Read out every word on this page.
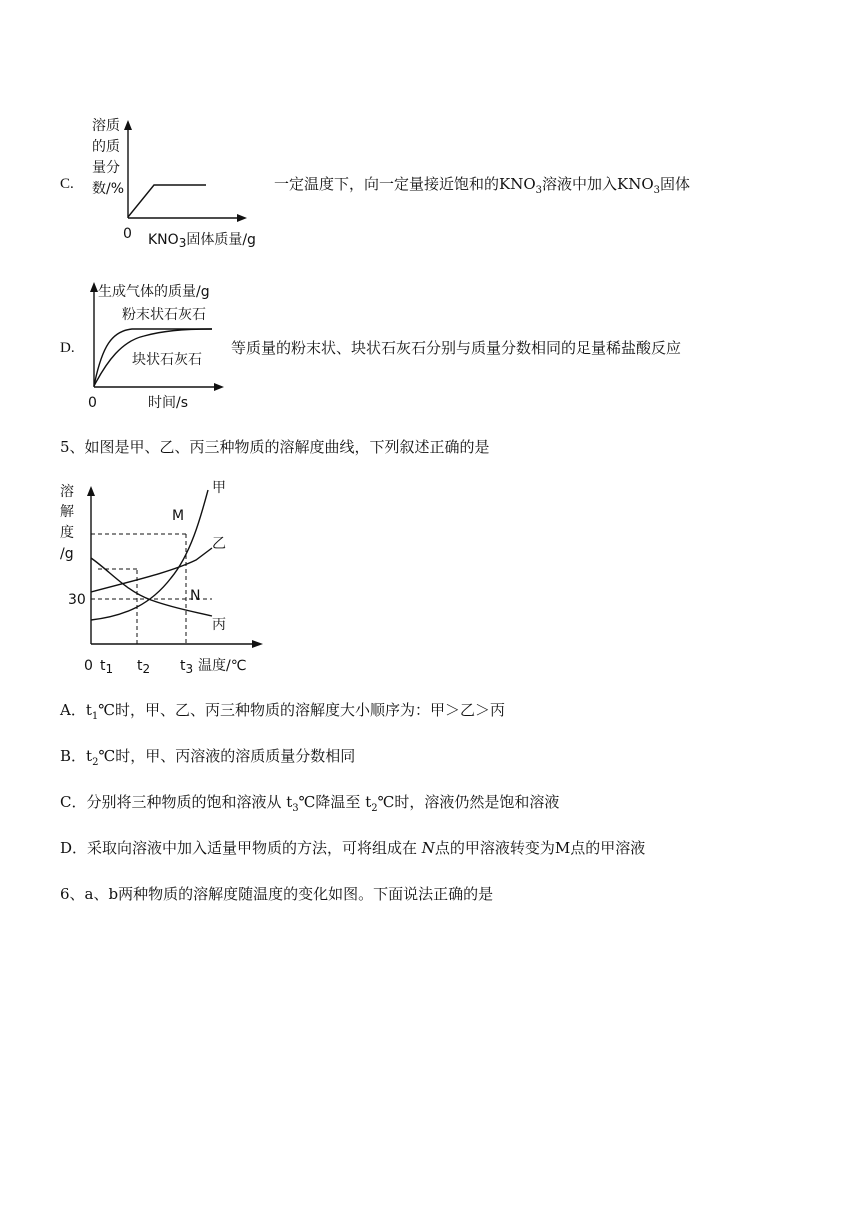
C.
溶质
的质
量分
数/%
0 KNO3固体质量/g
一定温度下，向一定量接近饱和的$KNO_3$溶液中加入$KNO_3$固体
D.
生成气体的质量/g
粉末状石灰石
块状石灰石
0	时间/s
等质量的粉末状、块状石灰石分别与质量分数相同的足量稀盐酸反应
5、如图是甲、乙、丙三种物质的溶解度曲线，下列叙述正确的是
溶
解
度
/g
甲
乙
丙
M
N
30
0 t1 t2 t3 温度/℃
A．$t_1℃$时，甲、乙、丙三种物质的溶解度大小顺序为：甲＞乙＞丙
B．$t_2℃$时，甲、丙溶液的溶质质量分数相同
C．分别将三种物质的饱和溶液从 $t_3℃$降温至 $t_2℃$时，溶液仍然是饱和溶液
D．采取向溶液中加入适量甲物质的方法，可将组成在 N点的甲溶液转变为M点的甲溶液
6、a、b两种物质的溶解度随温度的变化如图。下面说法正确的是
